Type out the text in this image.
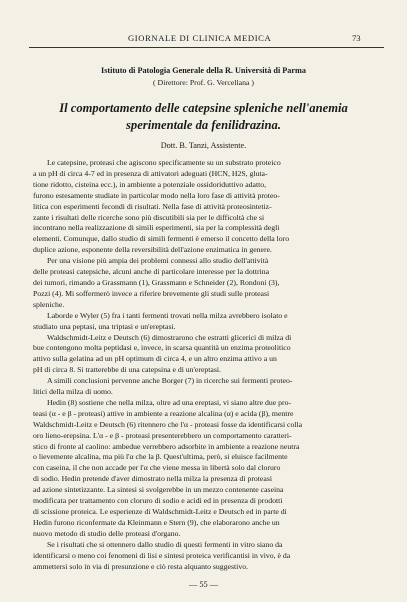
GIORNALE DI CLINICA MEDICA	73
Istituto di Patologia Generale della R. Università di Parma
( Direttore: Prof. G. Vercellana )
Il comportamento delle catepsine spleniche nell'anemia
sperimentale da fenilidrazina.
Dott. B. Tanzi, Assistente.
Le catepsine, proteasi che agiscono specificamente su un substrato proteico
a un pH di circa 4-7 ed in presenza di attivatori adeguati (HCN, H2S, gluta-
tione ridotto, cisteina ecc.), in ambiente a potenziale ossidoriduttivo adatto,
furono estesamente studiate in particolar modo nella loro fase di attività proteo-
litica con esperimenti fecondi di risultati. Nella fase di attività proteosintetiz-
zante i risultati delle ricerche sono più discutibili sia per le difficoltà che si
incontrano nella realizzazione di simili esperimenti, sia per la complessità degli
elementi. Comunque, dallo studio di simili fermenti è emerso il concetto della loro
duplice azione, esponente della reversibilità dell'azione enzimatica in genere.
Per una visione più ampia dei problemi connessi allo studio dell'attività
delle proteasi catepsiche, alcuni anche di particolare interesse per la dottrina
dei tumori, rimando a Grassmann (1), Grassmann e Schneider (2), Rondoni (3),
Pozzi (4). Mi soffermerò invece a riferire brevemente gli studi sulle proteasi
spleniche.
Laborde e Wyler (5) fra i tanti fermenti trovati nella milza avrebbero isolato e
studiato una peptasi, una triptasi e un'ereptasi.
Waldschmidt-Leitz e Deutsch (6) dimostrarono che estratti glicerici di milza di
bue contengono molta peptidasi e, invece, in scarsa quantità un enzima proteolitico
attivo sulla gelatina ad un pH optimum di circa 4, e un altro enzima attivo a un
pH di circa 8. Si tratterebbe di una catepsina e di un'ereptasi.
A simili conclusioni pervenne anche Borger (7) in ricerche sui fermenti proteo-
litici della milza di uomo.
Hedin (8) sostiene che nella milza, oltre ad una ereptasi, vi siano altre due pro-
teasi (α - e β - proteasi) attive in ambiente a reazione alcalina (α) e acida (β), mentre
Waldschmidt-Leitz e Deutsch (6) ritennero che l'α - proteasi fosse da identificarsi colla
oro lieno-erepsina. L'α - e β - proteasi presenterebbero un comportamento caratteri-
stico di fronte al caolino: ambedue verrebbero adsorbite in ambiente a reazione neutra
o lievemente alcalina, ma più l'α che la β. Quest'ultima, però, si eluisce facilmente
con caseina, il che non accade per l'α che viene messa in libertà solo dal cloruro
di sodio. Hedin pretende d'aver dimostrato nella milza la presenza di proteasi
ad azione sintetizzante. La sintesi si svolgerebbe in un mezzo contenente caseina
modificata per trattamento con cloruro di sodio e acidi ed in presenza di prodotti
di scissione proteica. Le esperienze di Waldschmidt-Leitz e Deutsch ed in parte di
Hedin furono riconfermate da Kleinmann e Stern (9), che elaborarono anche un
nuovo metodo di studio delle proteasi d'organo.
Se i risultati che si ottennero dallo studio di questi fermenti in vitro siano da
identificarsi o meno coi fenomeni di lisi e sintesi proteica verificantisi in vivo, è da
ammettersi solo in via di presunzione e ciò resta alquanto suggestivo.
— 55 —
